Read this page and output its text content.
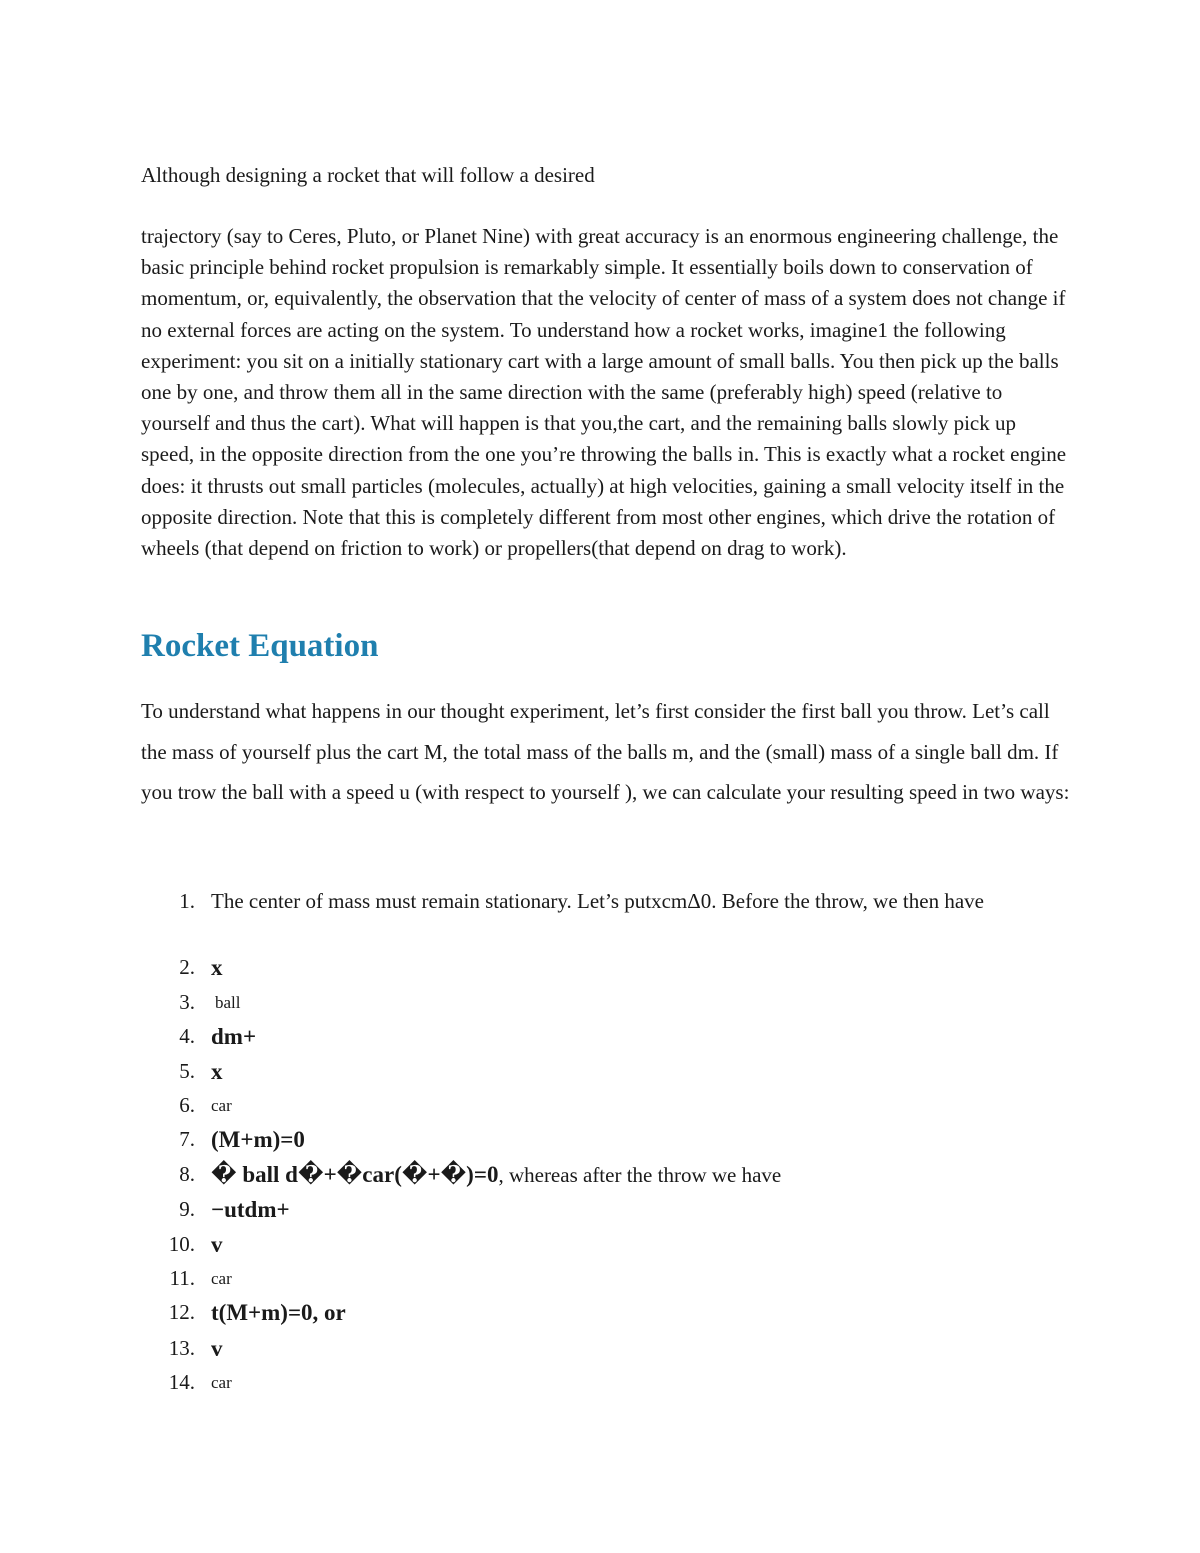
Although designing a rocket that will follow a desired

trajectory (say to Ceres, Pluto, or Planet Nine) with great accuracy is an enormous engineering challenge, the basic principle behind rocket propulsion is remarkably simple. It essentially boils down to conservation of momentum, or, equivalently, the observation that the velocity of center of mass of a system does not change if no external forces are acting on the system. To understand how a rocket works, imagine1 the following experiment: you sit on a initially stationary cart with a large amount of small balls. You then pick up the balls one by one, and throw them all in the same direction with the same (preferably high) speed (relative to yourself and thus the cart). What will happen is that you,the cart, and the remaining balls slowly pick up speed, in the opposite direction from the one you’re throwing the balls in. This is exactly what a rocket engine does: it thrusts out small particles (molecules, actually) at high velocities, gaining a small velocity itself in the opposite direction. Note that this is completely different from most other engines, which drive the rotation of wheels (that depend on friction to work) or propellers(that depend on drag to work).

Rocket Equation

To understand what happens in our thought experiment, let’s first consider the first ball you throw. Let’s call the mass of yourself plus the cart M, the total mass of the balls m, and the (small) mass of a single ball dm. If you trow the ball with a speed u (with respect to yourself ), we can calculate your resulting speed in two ways:

1. The center of mass must remain stationary. Let’s putxcmΔ0. Before the throw, we then have
2. x
3.	ball
4. dm+
5. x
6. car
7. (M+m)=0
8. � ball d�+�car(�+�)=0, whereas after the throw we have
9. −utdm+
10. v
11. car
12. t(M+m)=0, or
13. v
14. car
